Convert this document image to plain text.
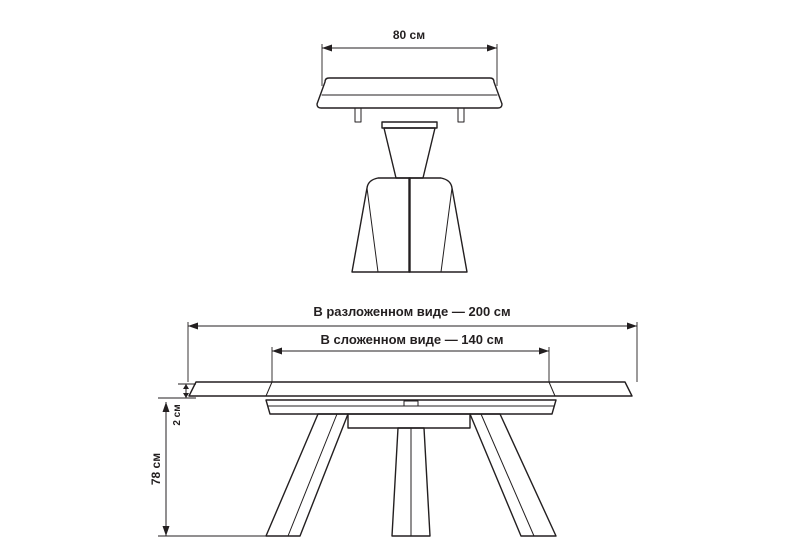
80 см
В разложенном виде — 200 см
В сложенном виде — 140 см
78 см
2 см
